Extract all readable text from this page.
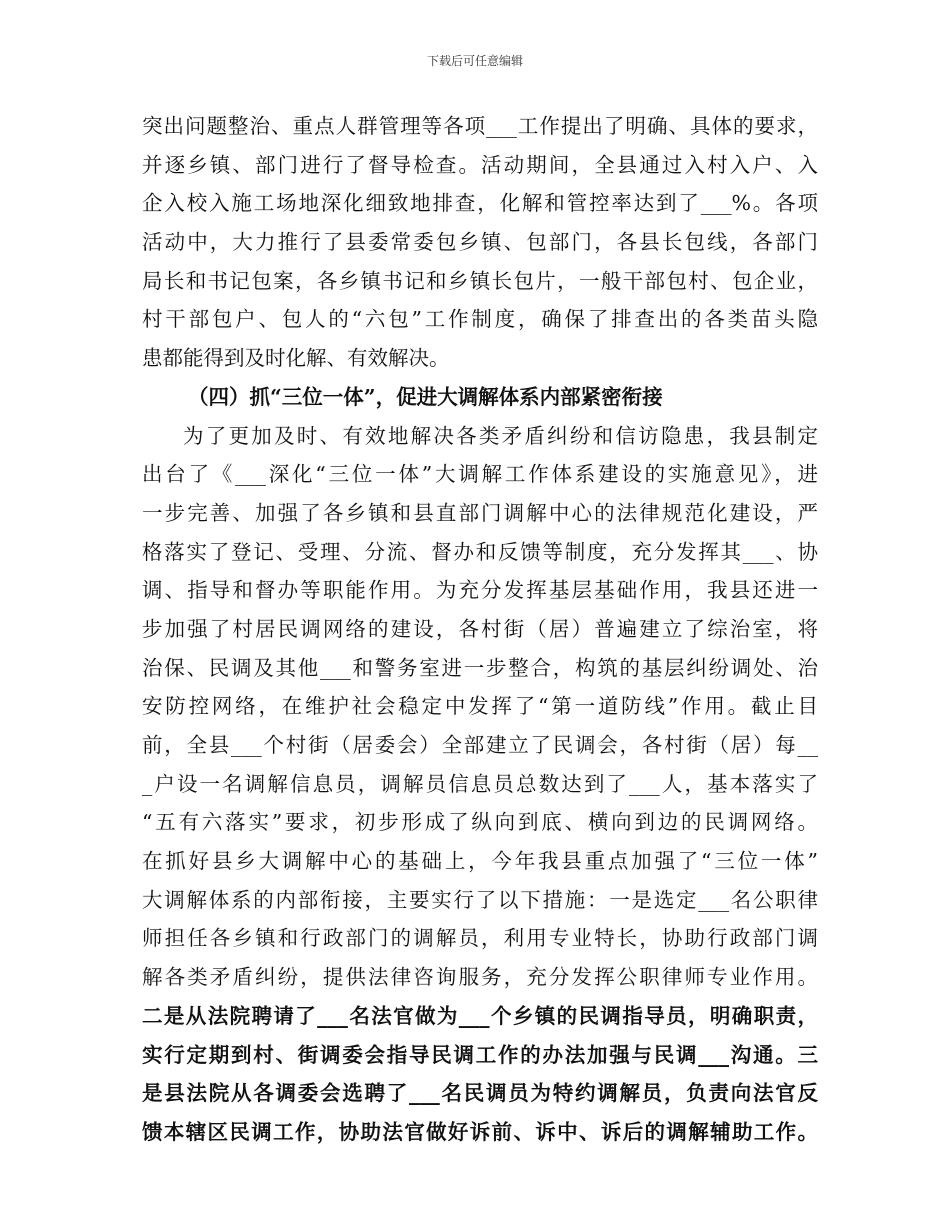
下载后可任意编辑
突出问题整治、重点人群管理等各项___工作提出了明确、具体的要求，
并逐乡镇、部门进行了督导检查。活动期间，全县通过入村入户、入
企入校入施工场地深化细致地排查，化解和管控率达到了___%。各项
活动中，大力推行了县委常委包乡镇、包部门，各县长包线，各部门
局长和书记包案，各乡镇书记和乡镇长包片，一般干部包村、包企业，
村干部包户、包人的“六包”工作制度，确保了排查出的各类苗头隐
患都能得到及时化解、有效解决。
（四）抓“三位一体”，促进大调解体系内部紧密衔接
为了更加及时、有效地解决各类矛盾纠纷和信访隐患，我县制定
出台了《___深化“三位一体”大调解工作体系建设的实施意见》，进
一步完善、加强了各乡镇和县直部门调解中心的法律规范化建设，严
格落实了登记、受理、分流、督办和反馈等制度，充分发挥其___、协
调、指导和督办等职能作用。为充分发挥基层基础作用，我县还进一
步加强了村居民调网络的建设，各村街（居）普遍建立了综治室，将
治保、民调及其他___和警务室进一步整合，构筑的基层纠纷调处、治
安防控网络，在维护社会稳定中发挥了“第一道防线”作用。截止目
前，全县___个村街（居委会）全部建立了民调会，各村街（居）每__
_户设一名调解信息员，调解员信息员总数达到了___人，基本落实了
“五有六落实”要求，初步形成了纵向到底、横向到边的民调网络。
在抓好县乡大调解中心的基础上，今年我县重点加强了“三位一体”
大调解体系的内部衔接，主要实行了以下措施：一是选定___名公职律
师担任各乡镇和行政部门的调解员，利用专业特长，协助行政部门调
解各类矛盾纠纷，提供法律咨询服务，充分发挥公职律师专业作用。
二是从法院聘请了___名法官做为___个乡镇的民调指导员，明确职责，
实行定期到村、街调委会指导民调工作的办法加强与民调___沟通。三
是县法院从各调委会选聘了___名民调员为特约调解员，负责向法官反
馈本辖区民调工作，协助法官做好诉前、诉中、诉后的调解辅助工作。
